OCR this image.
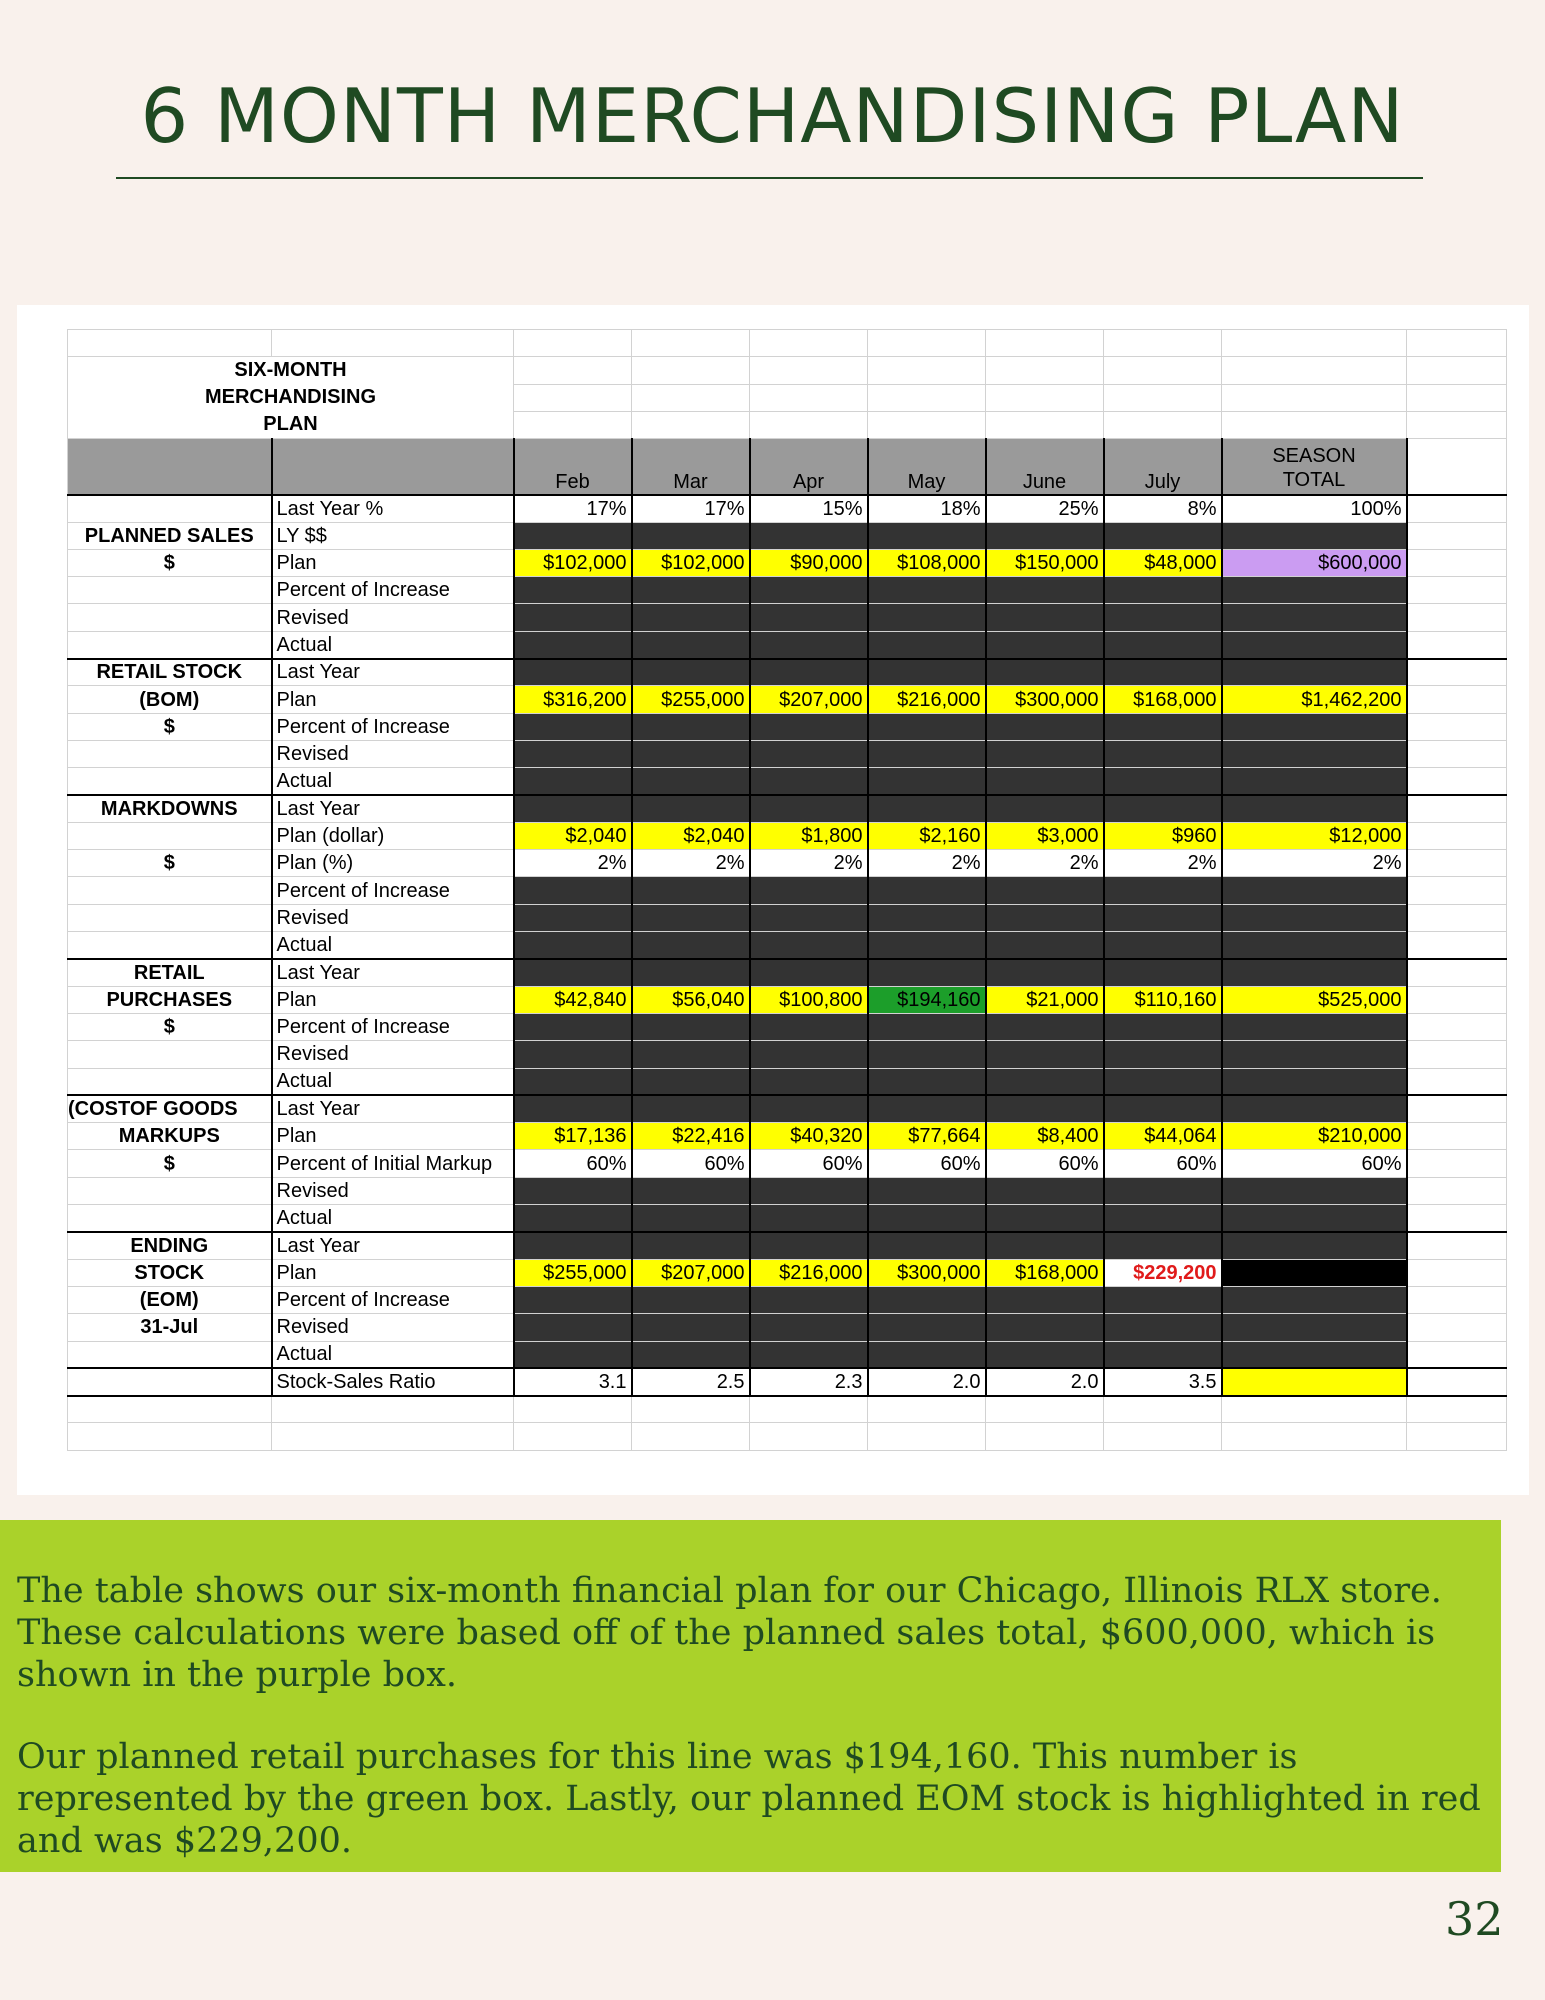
6 MONTH MERCHANDISING PLAN

SIX-MONTH
MERCHANDISING
PLAN									

		Feb	Mar	Apr	May	June	July	SEASON
TOTAL	

	Last Year %	17%	17%	15%	18%	25%	8%	100%	
PLANNED SALES	LY $$								
$	Plan	$102,000	$102,000	$90,000	$108,000	$150,000	$48,000	$600,000	
	Percent of Increase								
	Revised								
	Actual								
RETAIL STOCK	Last Year								
(BOM)	Plan	$316,200	$255,000	$207,000	$216,000	$300,000	$168,000	$1,462,200	
$	Percent of Increase								
	Revised								
	Actual								
MARKDOWNS	Last Year								
	Plan (dollar)	$2,040	$2,040	$1,800	$2,160	$3,000	$960	$12,000	
$	Plan (%)	2%	2%	2%	2%	2%	2%	2%	
	Percent of Increase								
	Revised								
	Actual								
RETAIL	Last Year								
PURCHASES	Plan	$42,840	$56,040	$100,800	$194,160	$21,000	$110,160	$525,000	
$	Percent of Increase								
	Revised								
	Actual								
(COSTOF GOODS	Last Year								
MARKUPS	Plan	$17,136	$22,416	$40,320	$77,664	$8,400	$44,064	$210,000	
$	Percent of Initial Markup	60%	60%	60%	60%	60%	60%	60%	
	Revised								
	Actual								
ENDING	Last Year								
STOCK	Plan	$255,000	$207,000	$216,000	$300,000	$168,000	$229,200		
(EOM)	Percent of Increase								
31-Jul	Revised								
	Actual								
	Stock-Sales Ratio	3.1	2.5	2.3	2.0	2.0	3.5		

The table shows our six-month financial plan for our Chicago, Illinois RLX store. These calculations were based off of the planned sales total, $600,000, which is shown in the purple box.

Our planned retail purchases for this line was $194,160. This number is represented by the green box. Lastly, our planned EOM stock is highlighted in red and was $229,200.

32
